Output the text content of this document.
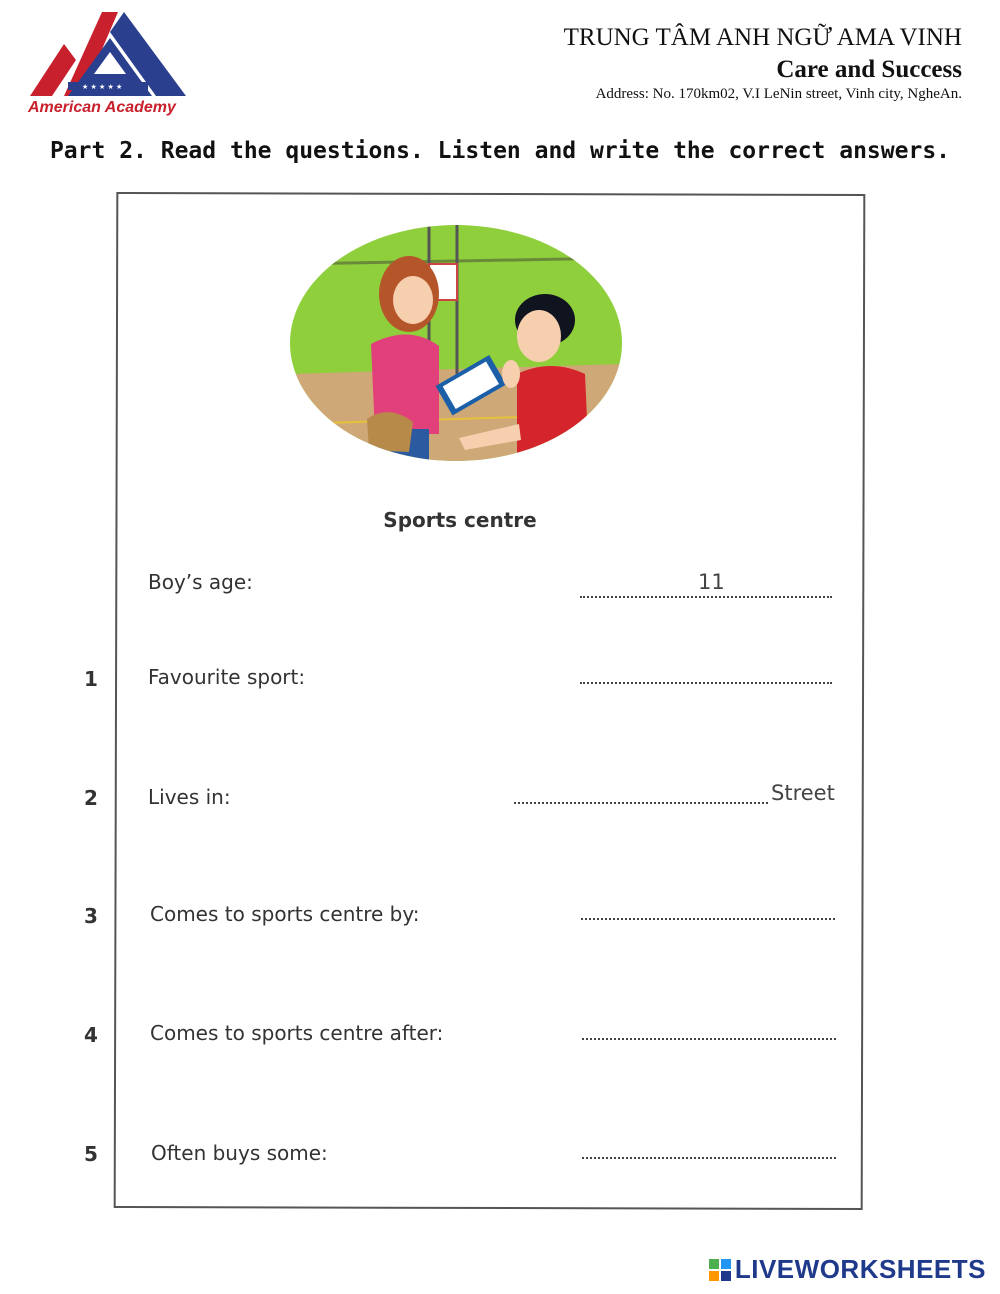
★ ★ ★ ★ ★
American Academy
TRUNG TÂM ANH NGỮ AMA VINH
Care and Success
Address: No. 170km02, V.I LeNin street, Vinh city, NgheAn.
Part 2. Read the questions. Listen and write the correct answers.
Sports centre
Boy’s age:	11
1	Favourite sport:
2	Lives in:	Street
3	Comes to sports centre by:
4	Comes to sports centre after:
5	Often buys some:
LIVEWORKSHEETS
